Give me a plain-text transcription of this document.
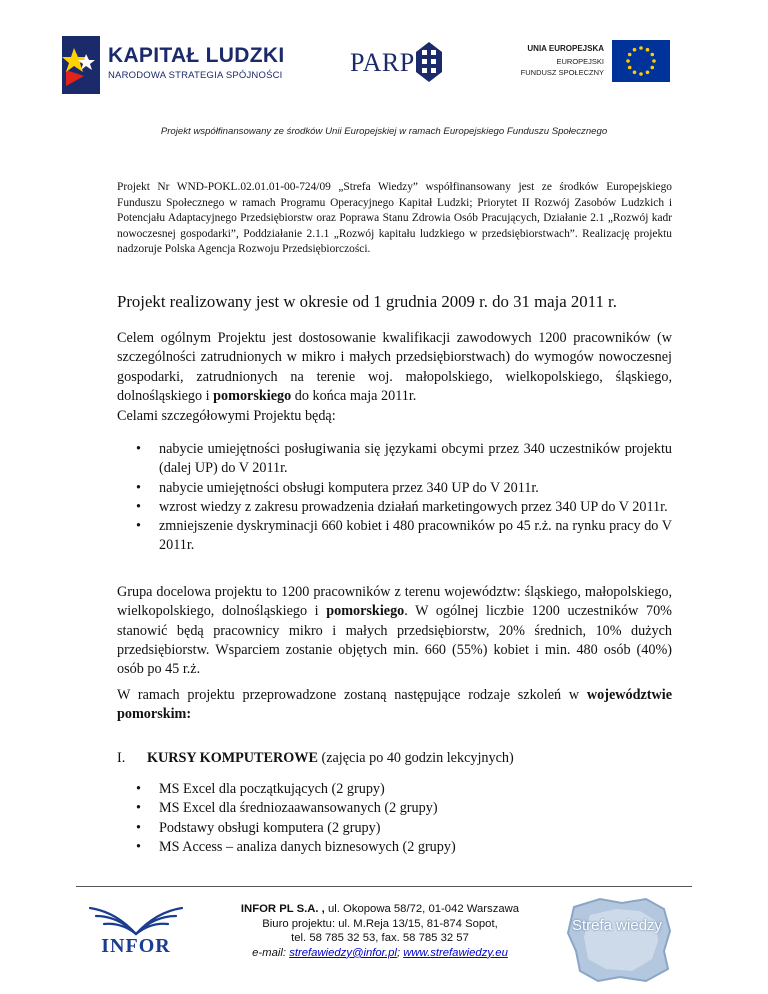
KAPITAŁ LUDZKI
NARODOWA STRATEGIA SPÓJNOŚCI	PARP	UNIA EUROPEJSKA
EUROPEJSKI
FUNDUSZ SPOŁECZNY
Projekt współfinansowany ze środków Unii Europejskiej w ramach Europejskiego Funduszu Społecznego

Projekt Nr WND-POKL.02.01.01-00-724/09 „Strefa Wiedzy” współfinansowany jest ze środków Europejskiego Funduszu Społecznego w ramach Programu Operacyjnego Kapitał Ludzki; Priorytet II Rozwój Zasobów Ludzkich i Potencjału Adaptacyjnego Przedsiębiorstw oraz Poprawa Stanu Zdrowia Osób Pracujących, Działanie 2.1 „Rozwój kadr nowoczesnej gospodarki”, Poddziałanie 2.1.1 „Rozwój kapitału ludzkiego w przedsiębiorstwach”. Realizację projektu nadzoruje Polska Agencja Rozwoju Przedsiębiorczości.

Projekt realizowany jest w okresie od 1 grudnia 2009 r. do 31 maja 2011 r.

Celem ogólnym Projektu jest dostosowanie kwalifikacji zawodowych 1200 pracowników (w szczególności zatrudnionych w mikro i małych przedsiębiorstwach) do wymogów nowoczesnej gospodarki, zatrudnionych na terenie woj. małopolskiego, wielkopolskiego, śląskiego, dolnośląskiego i pomorskiego do końca maja 2011r.

Celami szczegółowymi Projektu będą:

• nabycie umiejętności posługiwania się językami obcymi przez 340 uczestników projektu (dalej UP) do V 2011r.
• nabycie umiejętności obsługi komputera przez 340 UP do V 2011r.
• wzrost wiedzy z zakresu prowadzenia działań marketingowych przez 340 UP do V 2011r.
• zmniejszenie dyskryminacji 660 kobiet i 480 pracowników po 45 r.ż. na rynku pracy do V 2011r.

Grupa docelowa projektu to 1200 pracowników z terenu województw: śląskiego, małopolskiego, wielkopolskiego, dolnośląskiego i pomorskiego. W ogólnej liczbie 1200 uczestników 70% stanowić będą pracownicy mikro i małych przedsiębiorstw, 20% średnich, 10% dużych przedsiębiorstw. Wsparciem zostanie objętych min. 660 (55%) kobiet i min. 480 osób (40%) osób po 45 r.ż.

W ramach projektu przeprowadzone zostaną następujące rodzaje szkoleń w województwie pomorskim:

I. KURSY KOMPUTEROWE (zajęcia po 40 godzin lekcyjnych)
• MS Excel dla początkujących (2 grupy)
• MS Excel dla średniozaawansowanych (2 grupy)
• Podstawy obsługi komputera (2 grupy)
• MS Access – analiza danych biznesowych (2 grupy)
INFOR
INFOR PL S.A. , ul. Okopowa 58/72, 01-042 Warszawa
Biuro projektu: ul. M.Reja 13/15, 81-874 Sopot,
tel. 58 785 32 53, fax. 58 785 32 57
e-mail: strefawiedzy@infor.pl; www.strefawiedzy.eu
Strefa wiedzy
